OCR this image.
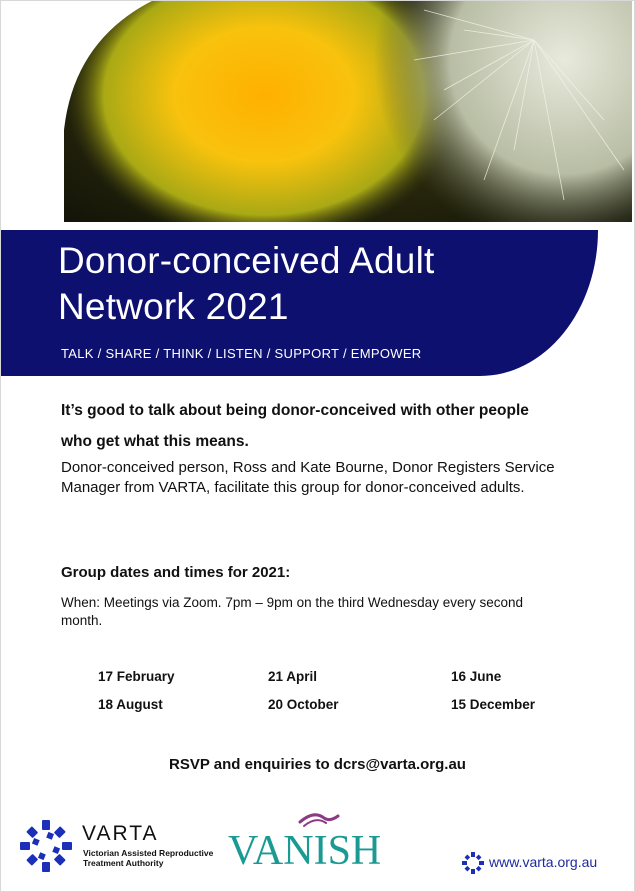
Donor-conceived Adult
Network 2021
TALK / SHARE / THINK / LISTEN / SUPPORT / EMPOWER

It’s good to talk about being donor-conceived with other people
who get what this means.

Donor-conceived person, Ross and Kate Bourne, Donor Registers Service Manager from VARTA, facilitate this group for donor-conceived adults.

Group dates and times for 2021:

When: Meetings via Zoom. 7pm – 9pm on the third Wednesday every second month.

17 February	21 April	16 June
18 August	20 October	15 December
RSVP and enquiries to dcrs@varta.org.au
VARTA
Victorian Assisted Reproductive
Treatment Authority	VANISH	www.varta.org.au
